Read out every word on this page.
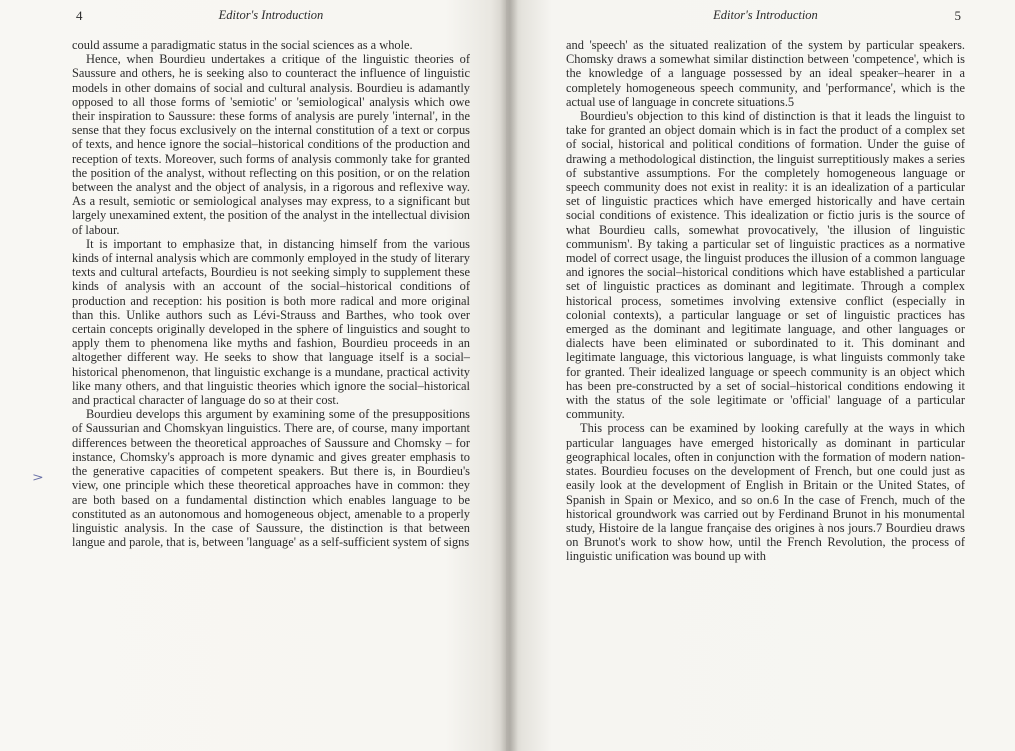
4	Editor's Introduction

could assume a paradigmatic status in the social sciences as a whole.

Hence, when Bourdieu undertakes a critique of the linguistic theories of Saussure and others, he is seeking also to counteract the influence of linguistic models in other domains of social and cultural analysis. Bourdieu is adamantly opposed to all those forms of 'semiotic' or 'semiological' analysis which owe their inspiration to Saussure: these forms of analysis are purely 'internal', in the sense that they focus exclusively on the internal constitution of a text or corpus of texts, and hence ignore the social–historical conditions of the production and reception of texts. Moreover, such forms of analysis commonly take for granted the position of the analyst, without reflecting on this position, or on the relation between the analyst and the object of analysis, in a rigorous and reflexive way. As a result, semiotic or semiological analyses may express, to a significant but largely unexamined extent, the position of the analyst in the intellectual division of labour.

It is important to emphasize that, in distancing himself from the various kinds of internal analysis which are commonly employed in the study of literary texts and cultural artefacts, Bourdieu is not seeking simply to supplement these kinds of analysis with an account of the social–historical conditions of production and reception: his position is both more radical and more original than this. Unlike authors such as Lévi-Strauss and Barthes, who took over certain concepts originally developed in the sphere of linguistics and sought to apply them to phenomena like myths and fashion, Bourdieu proceeds in an altogether different way. He seeks to show that language itself is a social–historical phenomenon, that linguistic exchange is a mundane, practical activity like many others, and that linguistic theories which ignore the social–historical and practical character of language do so at their cost.

Bourdieu develops this argument by examining some of the presuppositions of Saussurian and Chomskyan linguistics. There are, of course, many important differences between the theoretical approaches of Saussure and Chomsky – for instance, Chomsky's approach is more dynamic and gives greater emphasis to the generative capacities of competent speakers. But there is, in Bourdieu's view, one principle which these theoretical approaches have in common: they are both based on a fundamental distinction which enables language to be constituted as an autonomous and homogeneous object, amenable to a properly linguistic analysis. In the case of Saussure, the distinction is that between langue and parole, that is, between 'language' as a self-sufficient system of signs

>
Editor's Introduction	5

and 'speech' as the situated realization of the system by particular speakers. Chomsky draws a somewhat similar distinction between 'competence', which is the knowledge of a language possessed by an ideal speaker–hearer in a completely homogeneous speech community, and 'performance', which is the actual use of language in concrete situations.5

Bourdieu's objection to this kind of distinction is that it leads the linguist to take for granted an object domain which is in fact the product of a complex set of social, historical and political conditions of formation. Under the guise of drawing a methodological distinction, the linguist surreptitiously makes a series of substantive assumptions. For the completely homogeneous language or speech community does not exist in reality: it is an idealization of a particular set of linguistic practices which have emerged historically and have certain social conditions of existence. This idealization or fictio juris is the source of what Bourdieu calls, somewhat provocatively, 'the illusion of linguistic communism'. By taking a particular set of linguistic practices as a normative model of correct usage, the linguist produces the illusion of a common language and ignores the social–historical conditions which have established a particular set of linguistic practices as dominant and legitimate. Through a complex historical process, sometimes involving extensive conflict (especially in colonial contexts), a particular language or set of linguistic practices has emerged as the dominant and legitimate language, and other languages or dialects have been eliminated or subordinated to it. This dominant and legitimate language, this victorious language, is what linguists commonly take for granted. Their idealized language or speech community is an object which has been pre-constructed by a set of social–historical conditions endowing it with the status of the sole legitimate or 'official' language of a particular community.

This process can be examined by looking carefully at the ways in which particular languages have emerged historically as dominant in particular geographical locales, often in conjunction with the formation of modern nation-states. Bourdieu focuses on the development of French, but one could just as easily look at the development of English in Britain or the United States, of Spanish in Spain or Mexico, and so on.6 In the case of French, much of the historical groundwork was carried out by Ferdinand Brunot in his monumental study, Histoire de la langue française des origines à nos jours.7 Bourdieu draws on Brunot's work to show how, until the French Revolution, the process of linguistic unification was bound up with
